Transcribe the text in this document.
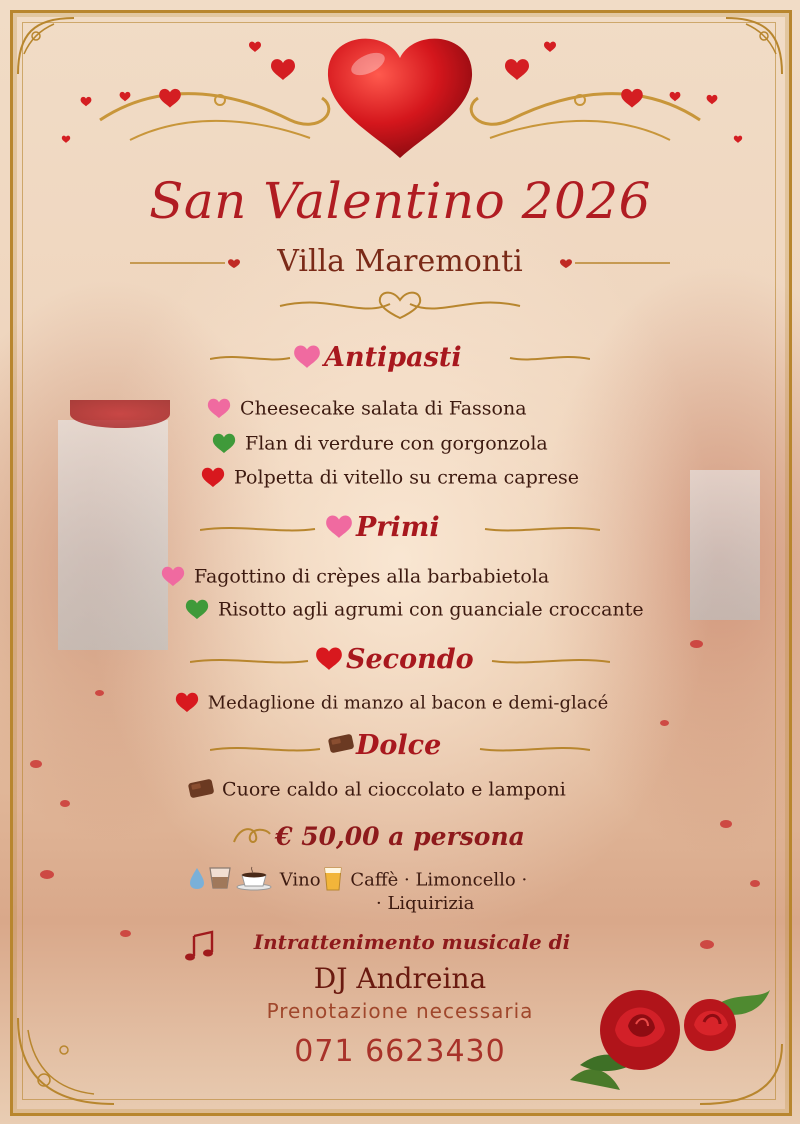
San Valentino 2026
Villa Maremonti
Antipasti
Cheesecake salata di Fassona
Flan di verdure con gorgonzola
Polpetta di vitello su crema caprese
Primi
Fagottino di crèpes alla barbabietola
Risotto agli agrumi con guanciale croccante
Secondo
Medaglione di manzo al bacon e demi-glacé
Dolce
Cuore caldo al cioccolato e lamponi
€ 50,00 a persona
Vino Caffè · Limoncello ·
· Liquirizia
Intrattenimento musicale di
DJ Andreina
Prenotazione necessaria
071 6623430
